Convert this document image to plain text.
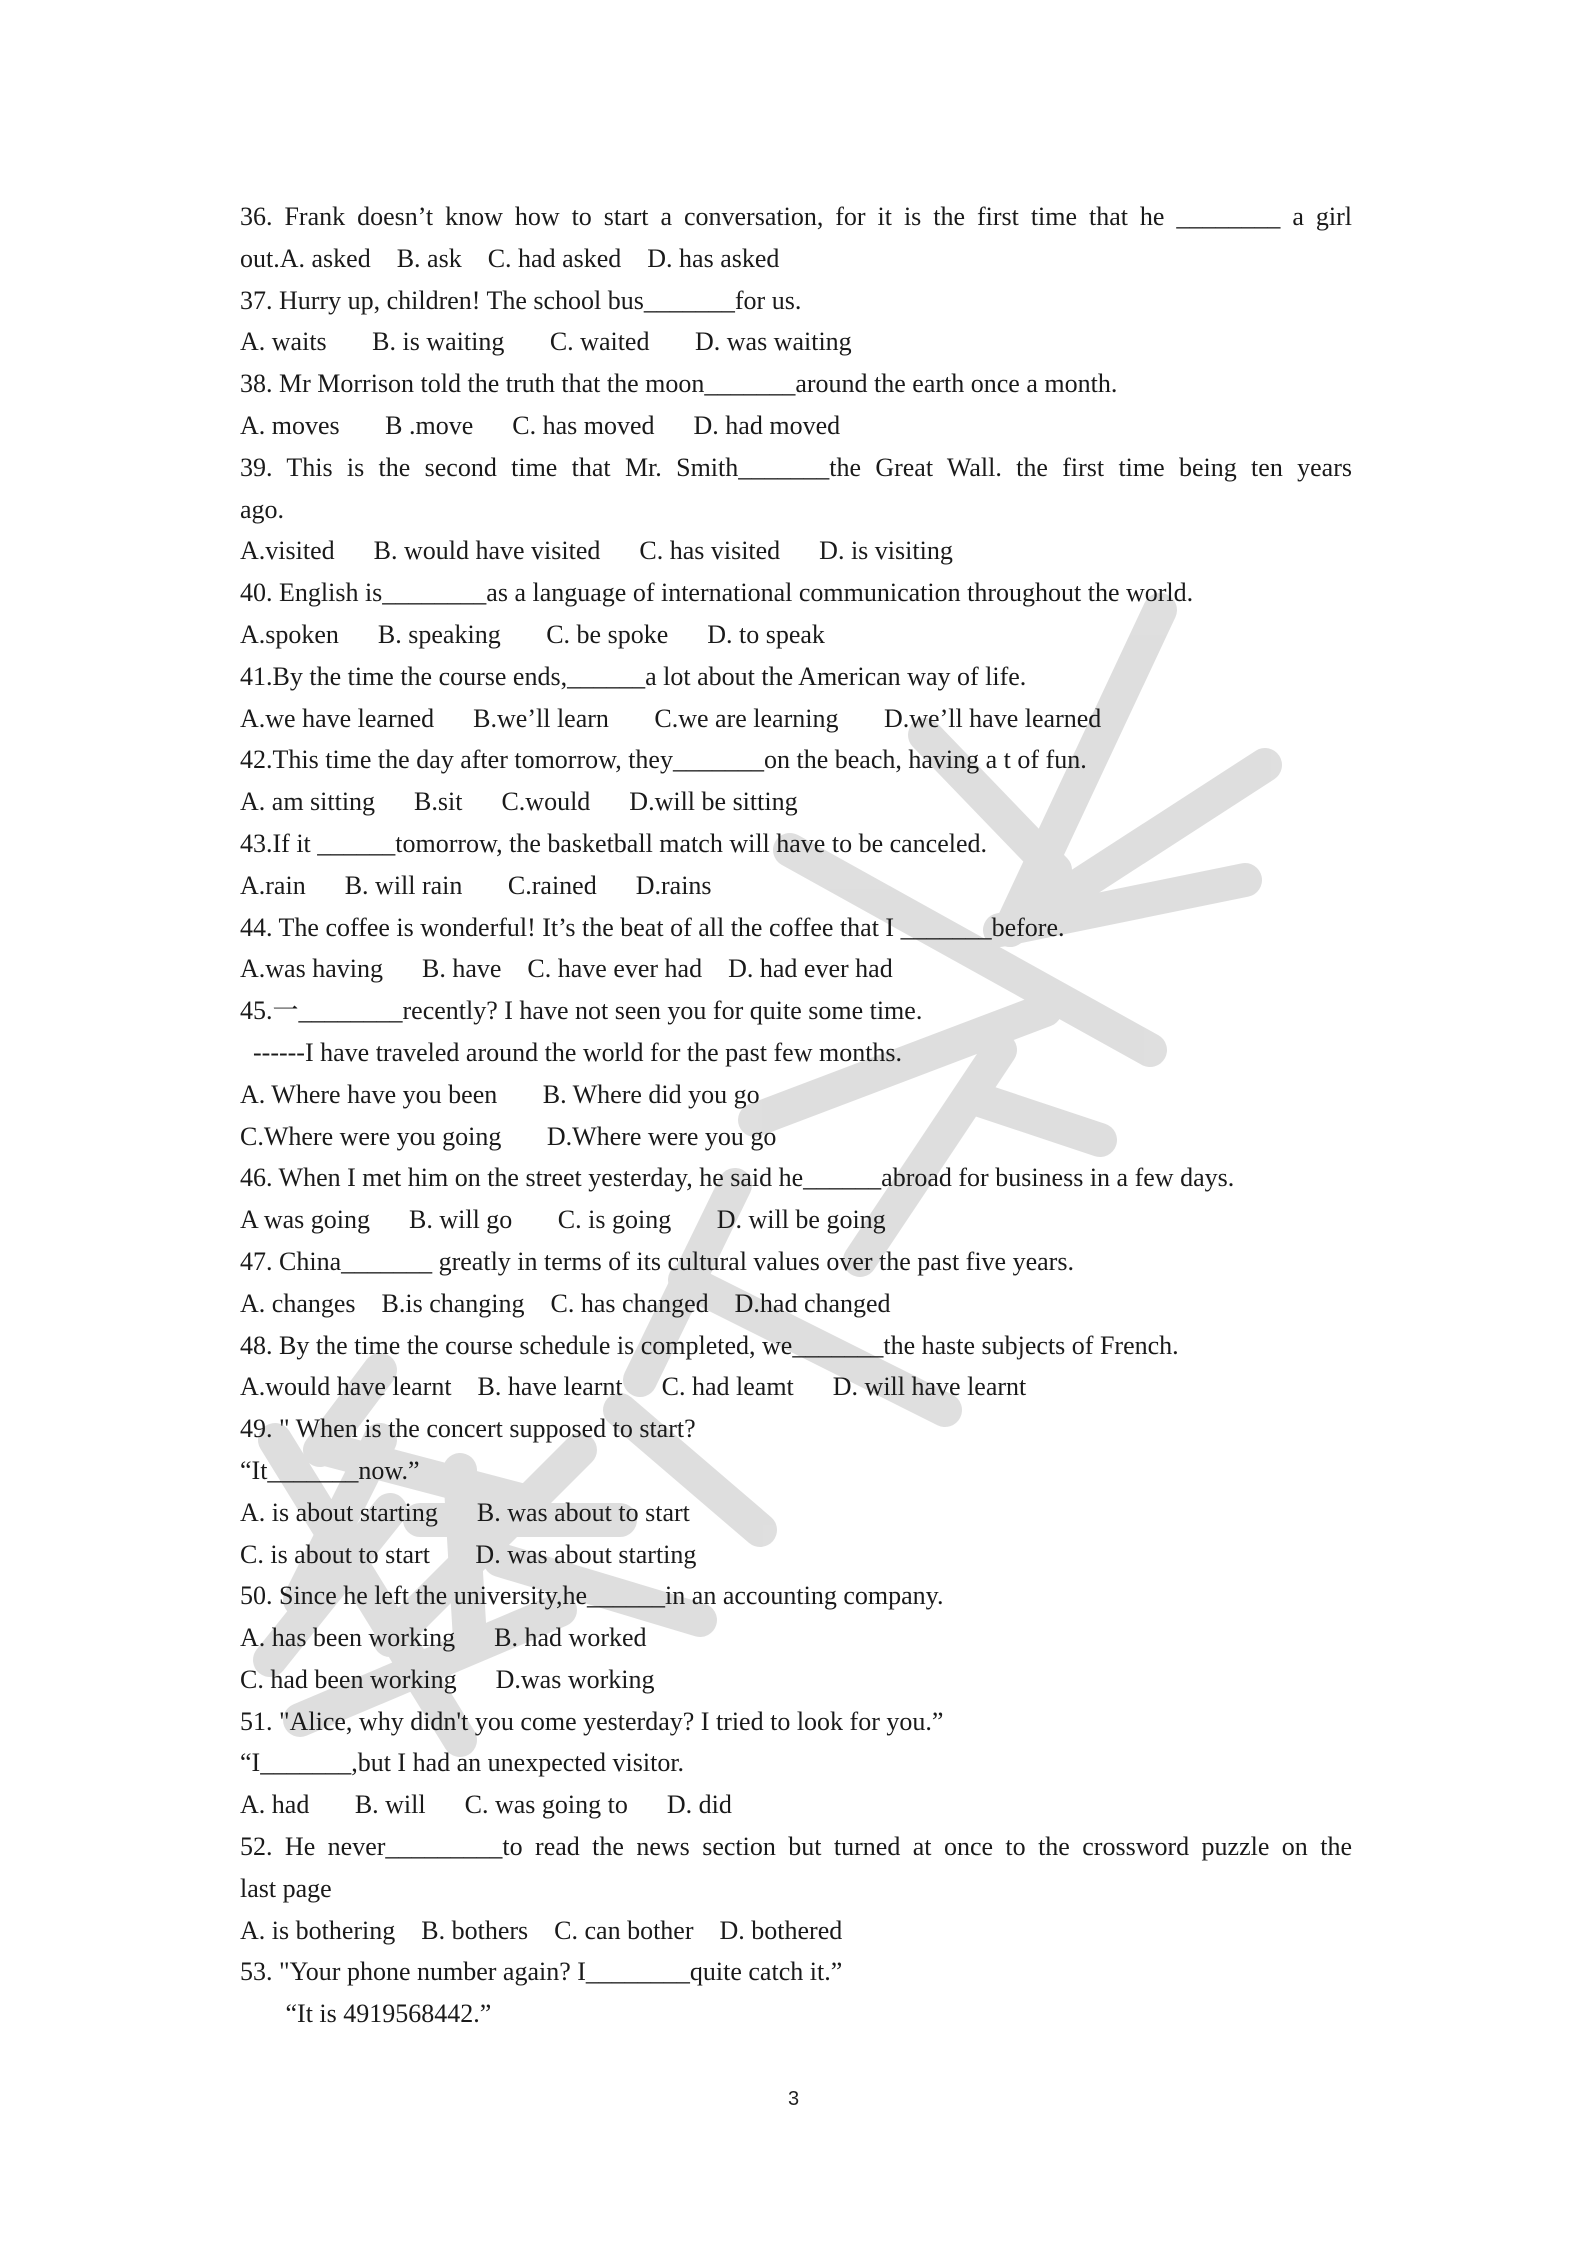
36. Frank doesn’t know how to start a conversation, for it is the first time that he ________ a girl
out.A. asked    B. ask    C. had asked    D. has asked
37. Hurry up, children! The school bus_______for us.
A. waits       B. is waiting       C. waited       D. was waiting
38. Mr Morrison told the truth that the moon_______around the earth once a month.
A. moves       B .move      C. has moved      D. had moved
39. This is the second time that Mr. Smith_______the Great Wall. the first time being ten years
ago.
A.visited      B. would have visited      C. has visited      D. is visiting
40. English is________as a language of international communication throughout the world.
A.spoken      B. speaking       C. be spoke      D. to speak
41.By the time the course ends,______a lot about the American way of life.
A.we have learned      B.we’ll learn       C.we are learning       D.we’ll have learned
42.This time the day after tomorrow, they_______on the beach, having a t of fun.
A. am sitting      B.sit      C.would      D.will be sitting
43.If it ______tomorrow, the basketball match will have to be canceled.
A.rain      B. will rain       C.rained      D.rains
44. The coffee is wonderful! It’s the beat of all the coffee that I _______before.
A.was having      B. have    C. have ever had    D. had ever had
45.一________recently? I have not seen you for quite some time.
------I have traveled around the world for the past few months.
A. Where have you been       B. Where did you go
C.Where were you going       D.Where were you go
46. When I met him on the street yesterday, he said he______abroad for business in a few days.
A was going      B. will go       C. is going       D. will be going
47. China_______ greatly in terms of its cultural values over the past five years.
A. changes    B.is changing    C. has changed    D.had changed
48. By the time the course schedule is completed, we_______the haste subjects of French.
A.would have learnt    B. have learnt      C. had leamt      D. will have learnt
49. " When is the concert supposed to start?
“It_______now.”
A. is about starting      B. was about to start
C. is about to start       D. was about starting
50. Since he left the university,he______in an accounting company.
A. has been working      B. had worked
C. had been working      D.was working
51. "Alice, why didn't you come yesterday? I tried to look for you.”
“I_______,but I had an unexpected visitor.
A. had       B. will      C. was going to      D. did
52. He never_________to read the news section but turned at once to the crossword puzzle on the
last page
A. is bothering    B. bothers    C. can bother    D. bothered
53. "Your phone number again? I________quite catch it.”
“It is 4919568442.”
3
